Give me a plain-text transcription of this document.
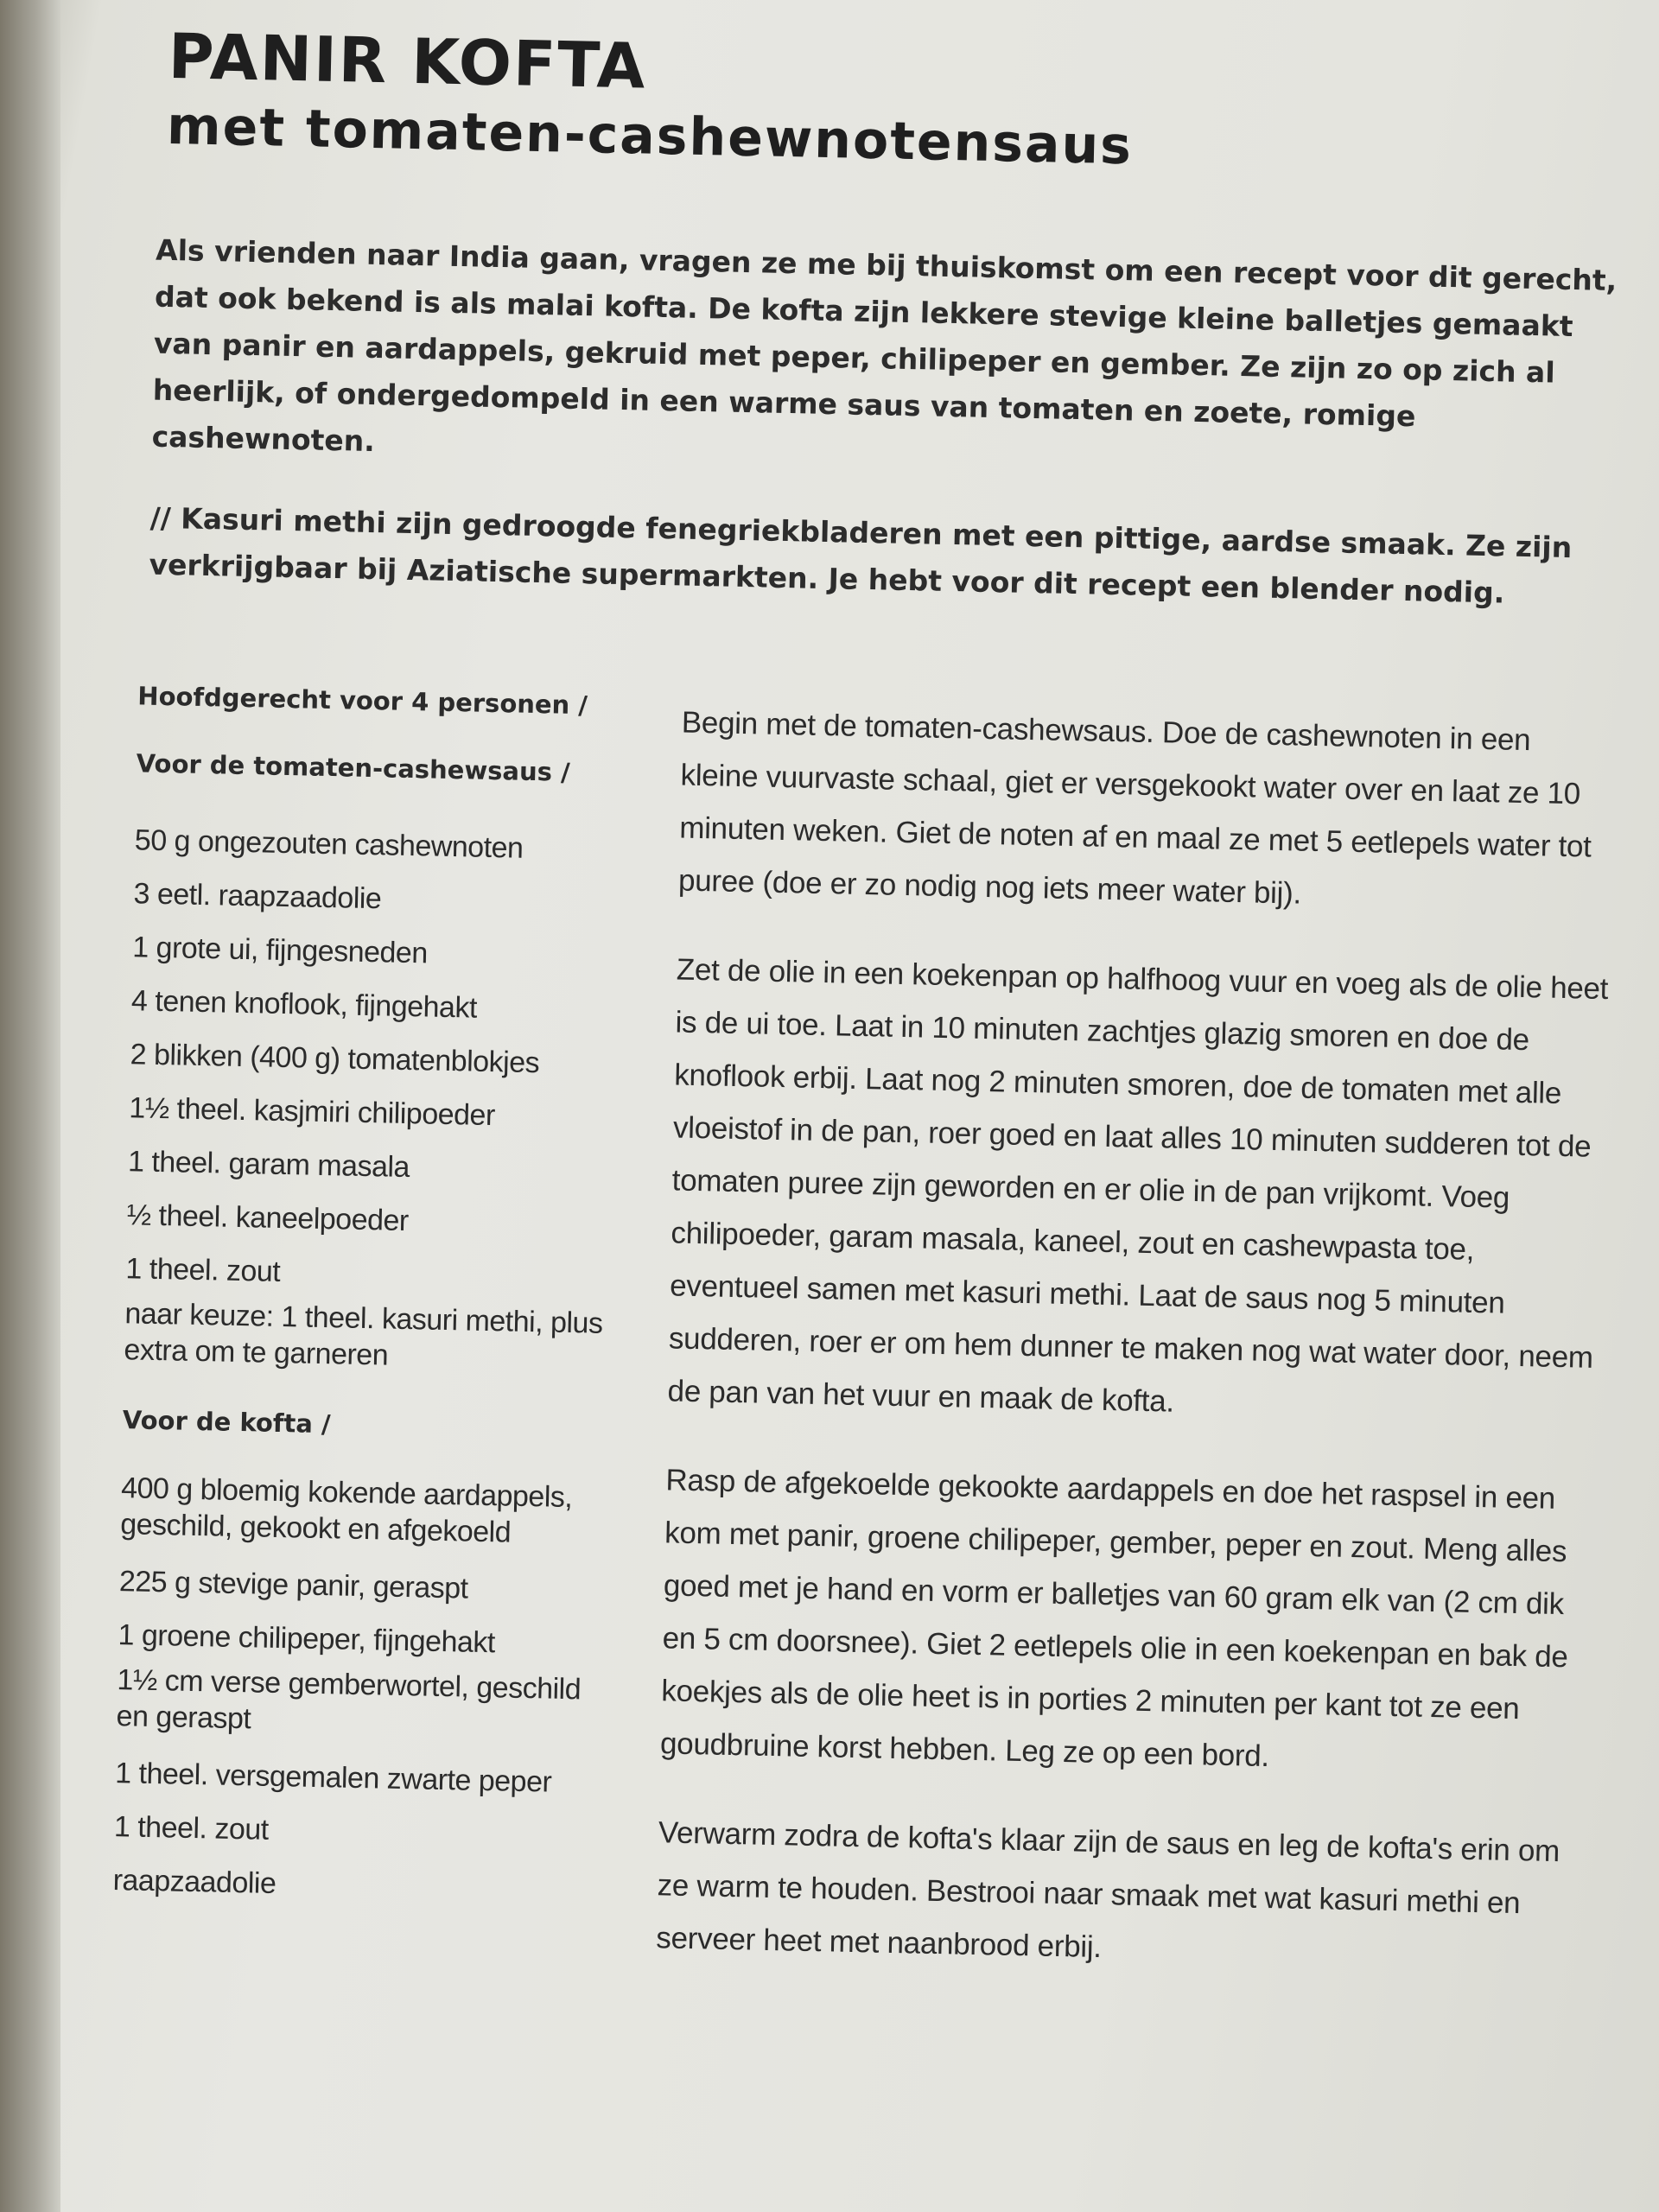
PANIR KOFTA
met tomaten-cashewnotensaus

Als vrienden naar India gaan, vragen ze me bij thuiskomst om een recept voor dit gerecht, dat ook bekend is als malai kofta. De kofta zijn lekkere stevige kleine balletjes gemaakt van panir en aardappels, gekruid met peper, chilipeper en gember. Ze zijn zo op zich al heerlijk, of ondergedompeld in een warme saus van tomaten en zoete, romige cashewnoten.

// Kasuri methi zijn gedroogde fenegriekbladeren met een pittige, aardse smaak. Ze zijn verkrijgbaar bij Aziatische supermarkten. Je hebt voor dit recept een blender nodig.

Hoofdgerecht voor 4 personen /
Voor de tomaten-cashewsaus /
50 g ongezouten cashewnoten
3 eetl. raapzaadolie
1 grote ui, fijngesneden
4 tenen knoflook, fijngehakt
2 blikken (400 g) tomatenblokjes
1½ theel. kasjmiri chilipoeder
1 theel. garam masala
½ theel. kaneelpoeder
1 theel. zout
naar keuze: 1 theel. kasuri methi, plus extra om te garneren
Voor de kofta /
400 g bloemig kokende aardappels, geschild, gekookt en afgekoeld
225 g stevige panir, geraspt
1 groene chilipeper, fijngehakt
1½ cm verse gemberwortel, geschild en geraspt
1 theel. versgemalen zwarte peper
1 theel. zout
raapzaadolie

Begin met de tomaten-cashewsaus. Doe de cashewnoten in een kleine vuurvaste schaal, giet er versgekookt water over en laat ze 10 minuten weken. Giet de noten af en maal ze met 5 eetlepels water tot puree (doe er zo nodig nog iets meer water bij).

Zet de olie in een koekenpan op halfhoog vuur en voeg als de olie heet is de ui toe. Laat in 10 minuten zachtjes glazig smoren en doe de knoflook erbij. Laat nog 2 minuten smoren, doe de tomaten met alle vloeistof in de pan, roer goed en laat alles 10 minuten sudderen tot de tomaten puree zijn geworden en er olie in de pan vrijkomt. Voeg chilipoeder, garam masala, kaneel, zout en cashewpasta toe, eventueel samen met kasuri methi. Laat de saus nog 5 minuten sudderen, roer er om hem dunner te maken nog wat water door, neem de pan van het vuur en maak de kofta.

Rasp de afgekoelde gekookte aardappels en doe het raspsel in een kom met panir, groene chilipeper, gember, peper en zout. Meng alles goed met je hand en vorm er balletjes van 60 gram elk van (2 cm dik en 5 cm doorsnee). Giet 2 eetlepels olie in een koekenpan en bak de koekjes als de olie heet is in porties 2 minuten per kant tot ze een goudbruine korst hebben. Leg ze op een bord.

Verwarm zodra de kofta's klaar zijn de saus en leg de kofta's erin om ze warm te houden. Bestrooi naar smaak met wat kasuri methi en serveer heet met naanbrood erbij.
